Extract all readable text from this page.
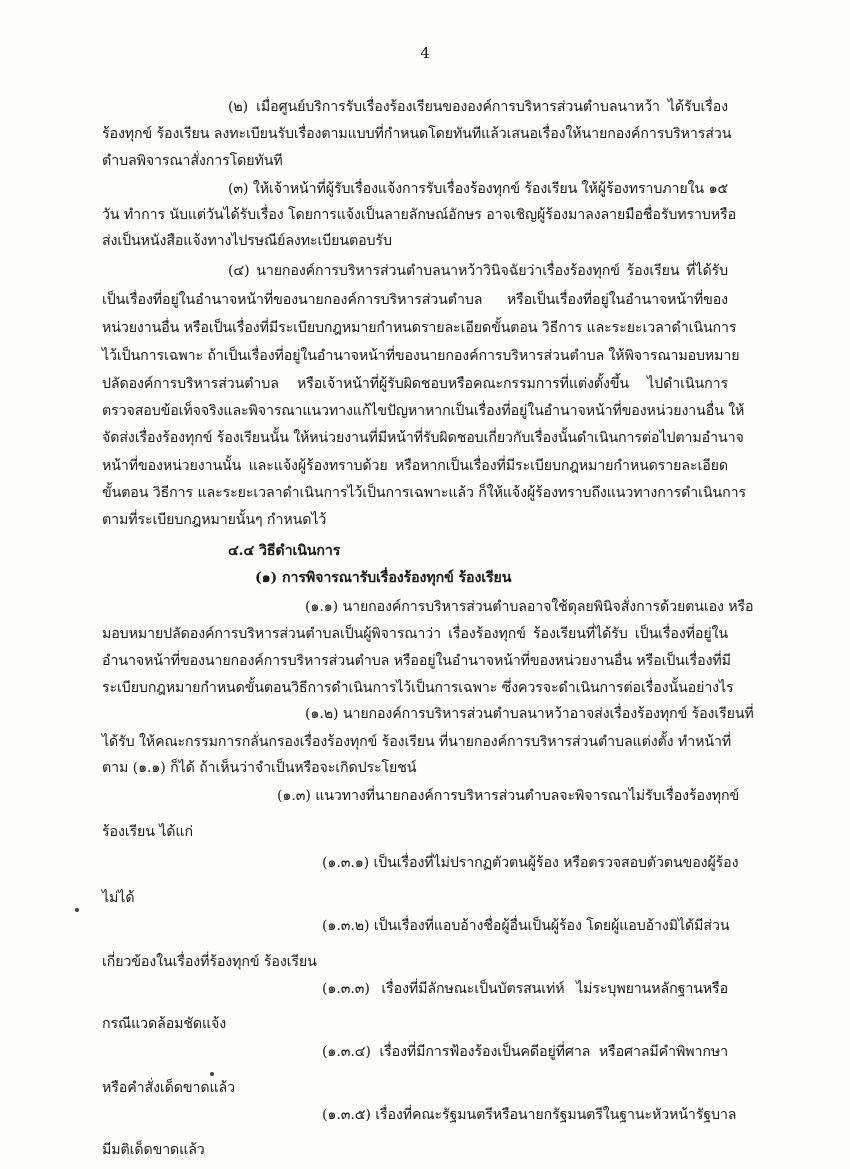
4
(๒) เมื่อศูนย์บริการรับเรื่องร้องเรียนขององค์การบริหารส่วนตำบลนาหว้า ได้รับเรื่อง
ร้องทุกข์ ร้องเรียน ลงทะเบียนรับเรื่องตามแบบที่กำหนดโดยทันทีแล้วเสนอเรื่องให้นายกองค์การบริหารส่วน
ตำบลพิจารณาสั่งการโดยทันที
(๓) ให้เจ้าหน้าที่ผู้รับเรื่องแจ้งการรับเรื่องร้องทุกข์ ร้องเรียน ให้ผู้ร้องทราบภายใน ๑๕
วัน ทำการ นับแต่วันได้รับเรื่อง โดยการแจ้งเป็นลายลักษณ์อักษร อาจเชิญผู้ร้องมาลงลายมือชื่อรับทราบหรือ
ส่งเป็นหนังสือแจ้งทางไปรษณีย์ลงทะเบียนตอบรับ
(๔) นายกองค์การบริหารส่วนตำบลนาหว้าวินิจฉัยว่าเรื่องร้องทุกข์ ร้องเรียน ที่ได้รับ
เป็นเรื่องที่อยู่ในอำนาจหน้าที่ของนายกองค์การบริหารส่วนตำบล หรือเป็นเรื่องที่อยู่ในอำนาจหน้าที่ของ
หน่วยงานอื่น หรือเป็นเรื่องที่มีระเบียบกฎหมายกำหนดรายละเอียดขั้นตอน วิธีการ และระยะเวลาดำเนินการ
ไว้เป็นการเฉพาะ ถ้าเป็นเรื่องที่อยู่ในอำนาจหน้าที่ของนายกองค์การบริหารส่วนตำบล ให้พิจารณามอบหมาย
ปลัดองค์การบริหารส่วนตำบล หรือเจ้าหน้าที่ผู้รับผิดชอบหรือคณะกรรมการที่แต่งตั้งขึ้น ไปดำเนินการ
ตรวจสอบข้อเท็จจริงและพิจารณาแนวทางแก้ไขปัญหาหากเป็นเรื่องที่อยู่ในอำนาจหน้าที่ของหน่วยงานอื่น ให้
จัดส่งเรื่องร้องทุกข์ ร้องเรียนนั้น ให้หน่วยงานที่มีหน้าที่รับผิดชอบเกี่ยวกับเรื่องนั้นดำเนินการต่อไปตามอำนาจ
หน้าที่ของหน่วยงานนั้น และแจ้งผู้ร้องทราบด้วย หรือหากเป็นเรื่องที่มีระเบียบกฎหมายกำหนดรายละเอียด
ขั้นตอน วิธีการ และระยะเวลาดำเนินการไว้เป็นการเฉพาะแล้ว ก็ให้แจ้งผู้ร้องทราบถึงแนวทางการดำเนินการ
ตามที่ระเบียบกฎหมายนั้นๆ กำหนดไว้
๔.๔ วิธีดำเนินการ
(๑) การพิจารณารับเรื่องร้องทุกข์ ร้องเรียน
(๑.๑) นายกองค์การบริหารส่วนตำบลอาจใช้ดุลยพินิจสั่งการด้วยตนเอง หรือ
มอบหมายปลัดองค์การบริหารส่วนตำบลเป็นผู้พิจารณาว่า เรื่องร้องทุกข์ ร้องเรียนที่ได้รับ เป็นเรื่องที่อยู่ใน
อำนาจหน้าที่ของนายกองค์การบริหารส่วนตำบล หรืออยู่ในอำนาจหน้าที่ของหน่วยงานอื่น หรือเป็นเรื่องที่มี
ระเบียบกฎหมายกำหนดขั้นตอนวิธีการดำเนินการไว้เป็นการเฉพาะ ซึ่งควรจะดำเนินการต่อเรื่องนั้นอย่างไร
(๑.๒) นายกองค์การบริหารส่วนตำบลนาหว้าอาจส่งเรื่องร้องทุกข์ ร้องเรียนที่
ได้รับ ให้คณะกรรมการกลั่นกรองเรื่องร้องทุกข์ ร้องเรียน ที่นายกองค์การบริหารส่วนตำบลแต่งตั้ง ทำหน้าที่
ตาม (๑.๑) ก็ได้ ถ้าเห็นว่าจำเป็นหรือจะเกิดประโยชน์
(๑.๓) แนวทางที่นายกองค์การบริหารส่วนตำบลจะพิจารณาไม่รับเรื่องร้องทุกข์
ร้องเรียน ได้แก่
(๑.๓.๑) เป็นเรื่องที่ไม่ปรากฏตัวตนผู้ร้อง หรือตรวจสอบตัวตนของผู้ร้อง
ไม่ได้
(๑.๓.๒) เป็นเรื่องที่แอบอ้างชื่อผู้อื่นเป็นผู้ร้อง โดยผู้แอบอ้างมิได้มีส่วน
เกี่ยวข้องในเรื่องที่ร้องทุกข์ ร้องเรียน
(๑.๓.๓) เรื่องที่มีลักษณะเป็นบัตรสนเท่ห์ ไม่ระบุพยานหลักฐานหรือ
กรณีแวดล้อมชัดแจ้ง
(๑.๓.๔) เรื่องที่มีการฟ้องร้องเป็นคดีอยู่ที่ศาล หรือศาลมีคำพิพากษา
หรือคำสั่งเด็ดขาดแล้ว
(๑.๓.๕) เรื่องที่คณะรัฐมนตรีหรือนายกรัฐมนตรีในฐานะหัวหน้ารัฐบาล
มีมติเด็ดขาดแล้ว
